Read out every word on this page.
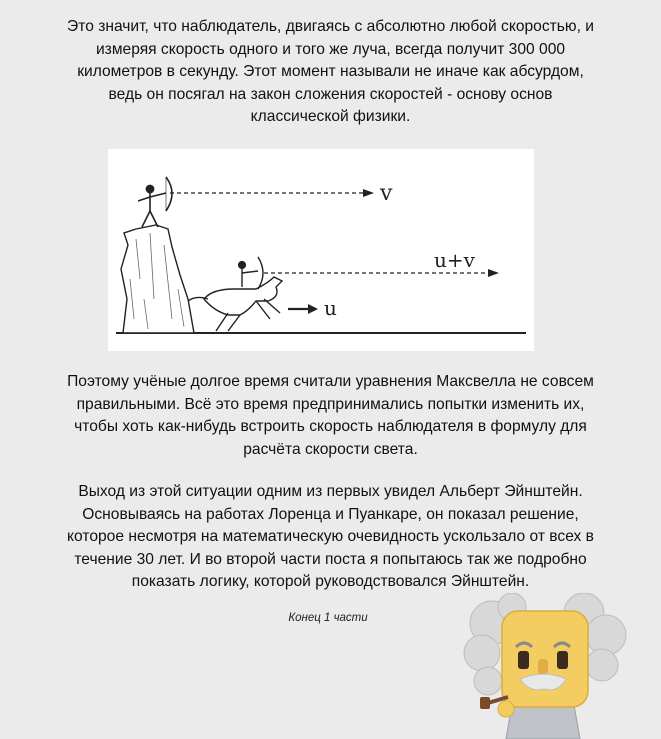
Это значит, что наблюдатель, двигаясь с абсолютно любой скоростью, и
измеряя скорость одного и того же луча, всегда получит 300 000
километров в секунду. Этот момент называли не иначе как абсурдом,
ведь он посягал на закон сложения скоростей - основу основ
классической физики.
v
u+v
u
Поэтому учёные долгое время считали уравнения Максвелла не совсем
правильными. Всё это время предпринимались попытки изменить их,
чтобы хоть как-нибудь встроить скорость наблюдателя в формулу для
расчёта скорости света.
Выход из этой ситуации одним из первых увидел Альберт Эйнштейн.
Основываясь на работах Лоренца и Пуанкаре, он показал решение,
которое несмотря на математическую очевидность ускользало от всех в
течение 30 лет. И во второй части поста я попытаюсь так же подробно
показать логику, которой руководствовался Эйнштейн.
Конец 1 части
